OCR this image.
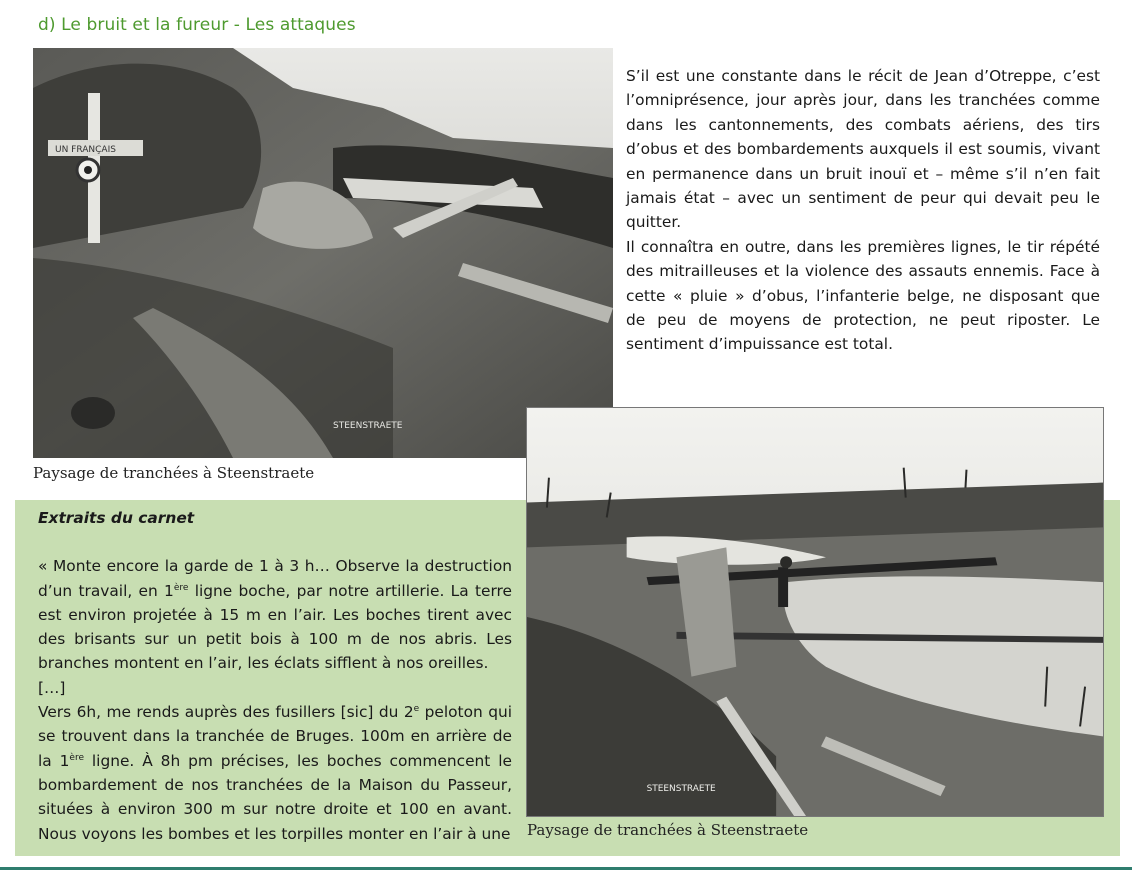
d) Le bruit et la fureur - Les attaques

S’il est une constante dans le récit de Jean d’Otreppe, c’est l’omniprésence, jour après jour, dans les tranchées comme dans les cantonnements, des combats aériens, des tirs d’obus et des bombardements auxquels il est soumis, vivant en permanence dans un bruit inouï et – même s’il n’en fait jamais état – avec un sentiment de peur qui devait peu le quitter.

Il connaîtra en outre, dans les premières lignes, le tir répété des mitrailleuses et la violence des assauts ennemis. Face à cette « pluie » d’obus, l’infanterie belge, ne disposant que de peu de moyens de protection, ne peut riposter. Le sentiment d’impuissance est total.

UN FRANÇAIS
STEENSTRAETE
Paysage de tranchées à Steenstraete
Extraits du carnet

« Monte encore la garde de 1 à 3 h… Observe la destruction d’un travail, en 1ère ligne boche, par notre artillerie. La terre est environ projetée à 15 m en l’air. Les boches tirent avec des brisants sur un petit bois à 100 m de nos abris. Les branches montent en l’air, les éclats sifflent à nos oreilles.

[…]

Vers 6h, me rends auprès des fusillers [sic] du 2e peloton qui se trouvent dans la tranchée de Bruges. 100m en arrière de la 1ère ligne. À 8h pm précises, les boches commencent le bombardement de nos tranchées de la Maison du Passeur, situées à environ 300 m sur notre droite et 100 en avant. Nous voyons les bombes et les torpilles monter en l’air à une

STEENSTRAETE
Paysage de tranchées à Steenstraete
